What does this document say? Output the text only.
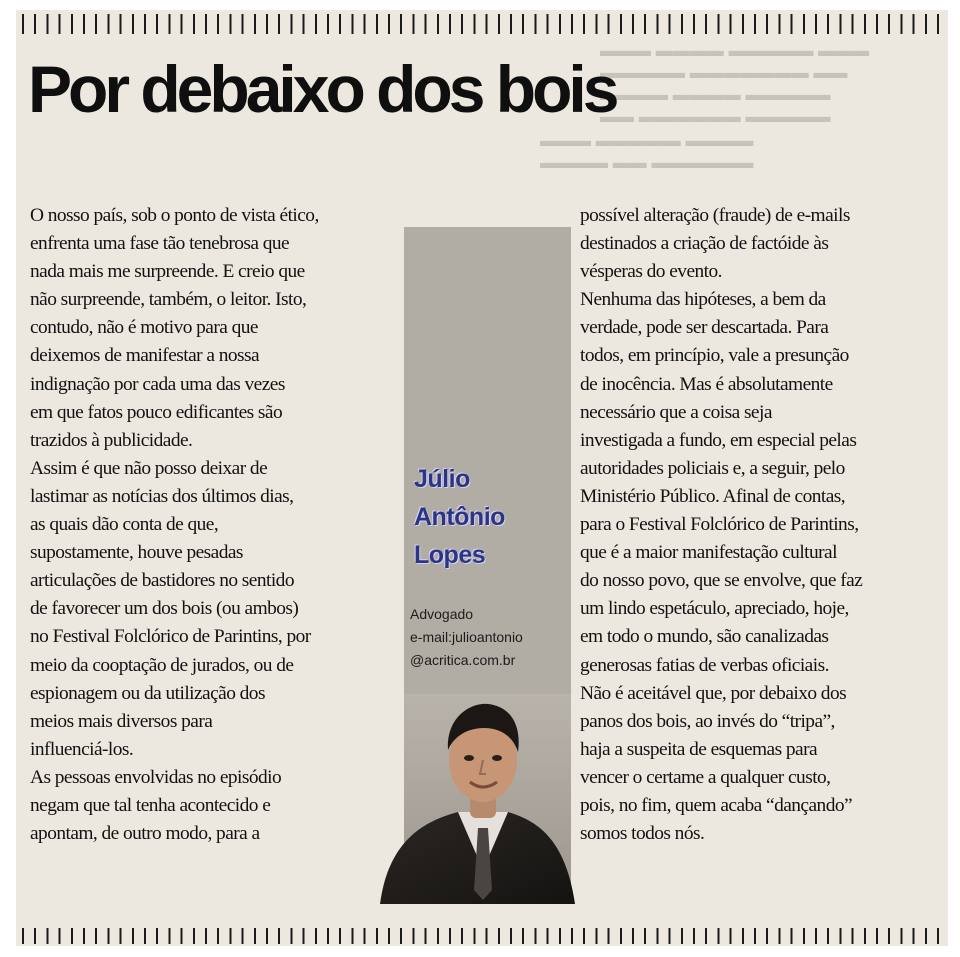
▬▬▬ ▬▬▬▬ ▬▬▬▬▬ ▬▬▬
▬▬▬▬▬ ▬▬▬▬▬▬▬ ▬▬
▬▬▬▬ ▬▬▬▬ ▬▬▬▬▬
▬▬ ▬▬▬▬▬▬ ▬▬▬▬▬
▬▬▬ ▬▬▬▬▬ ▬▬▬▬
▬▬▬▬ ▬▬ ▬▬▬▬▬▬
Por debaixo dos bois

O nosso país, sob o ponto de vista ético,
enfrenta uma fase tão tenebrosa que
nada mais me surpreende. E creio que
não surpreende, também, o leitor. Isto,
contudo, não é motivo para que
deixemos de manifestar a nossa
indignação por cada uma das vezes
em que fatos pouco edificantes são
trazidos à publicidade.

Assim é que não posso deixar de
lastimar as notícias dos últimos dias,
as quais dão conta de que,
supostamente, houve pesadas
articulações de bastidores no sentido
de favorecer um dos bois (ou ambos)
no Festival Folclórico de Parintins, por
meio da cooptação de jurados, ou de
espionagem ou da utilização dos
meios mais diversos para
influenciá-los.

As pessoas envolvidas no episódio
negam que tal tenha acontecido e
apontam, de outro modo, para a

Júlio
Antônio
Lopes
Advogado
e-mail:julioantonio
@acritica.com.br

possível alteração (fraude) de e-mails
destinados a criação de factóide às
vésperas do evento.

Nenhuma das hipóteses, a bem da
verdade, pode ser descartada. Para
todos, em princípio, vale a presunção
de inocência. Mas é absolutamente
necessário que a coisa seja
investigada a fundo, em especial pelas
autoridades policiais e, a seguir, pelo
Ministério Público. Afinal de contas,
para o Festival Folclórico de Parintins,
que é a maior manifestação cultural
do nosso povo, que se envolve, que faz
um lindo espetáculo, apreciado, hoje,
em todo o mundo, são canalizadas
generosas fatias de verbas oficiais.

Não é aceitável que, por debaixo dos
panos dos bois, ao invés do “tripa”,
haja a suspeita de esquemas para
vencer o certame a qualquer custo,
pois, no fim, quem acaba “dançando”
somos todos nós.
